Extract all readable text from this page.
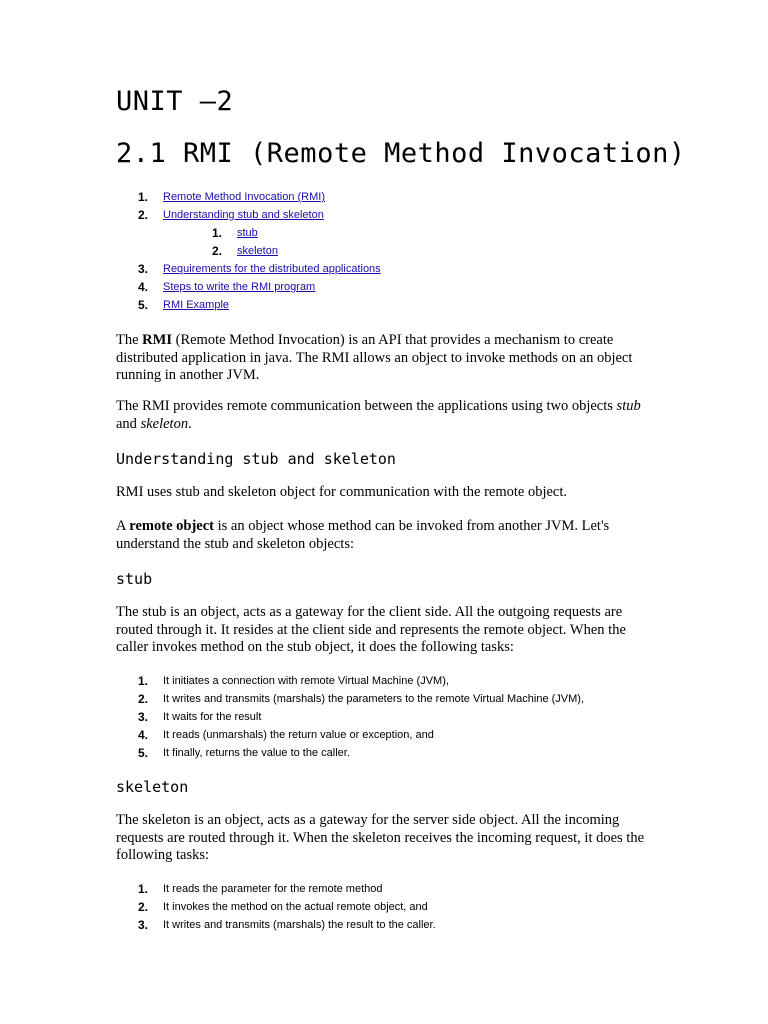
UNIT –2
2.1 RMI (Remote Method Invocation)
1. Remote Method Invocation (RMI)
2. Understanding stub and skeleton
1. stub
2. skeleton
3. Requirements for the distributed applications
4. Steps to write the RMI program
5. RMI Example

The RMI (Remote Method Invocation) is an API that provides a mechanism to create distributed application in java. The RMI allows an object to invoke methods on an object running in another JVM.

The RMI provides remote communication between the applications using two objects stub and skeleton.

Understanding stub and skeleton

RMI uses stub and skeleton object for communication with the remote object.

A remote object is an object whose method can be invoked from another JVM. Let's understand the stub and skeleton objects:

stub

The stub is an object, acts as a gateway for the client side. All the outgoing requests are routed through it. It resides at the client side and represents the remote object. When the caller invokes method on the stub object, it does the following tasks:

1. It initiates a connection with remote Virtual Machine (JVM),
2. It writes and transmits (marshals) the parameters to the remote Virtual Machine (JVM),
3. It waits for the result
4. It reads (unmarshals) the return value or exception, and
5. It finally, returns the value to the caller.
skeleton

The skeleton is an object, acts as a gateway for the server side object. All the incoming requests are routed through it. When the skeleton receives the incoming request, it does the following tasks:

1. It reads the parameter for the remote method
2. It invokes the method on the actual remote object, and
3. It writes and transmits (marshals) the result to the caller.
